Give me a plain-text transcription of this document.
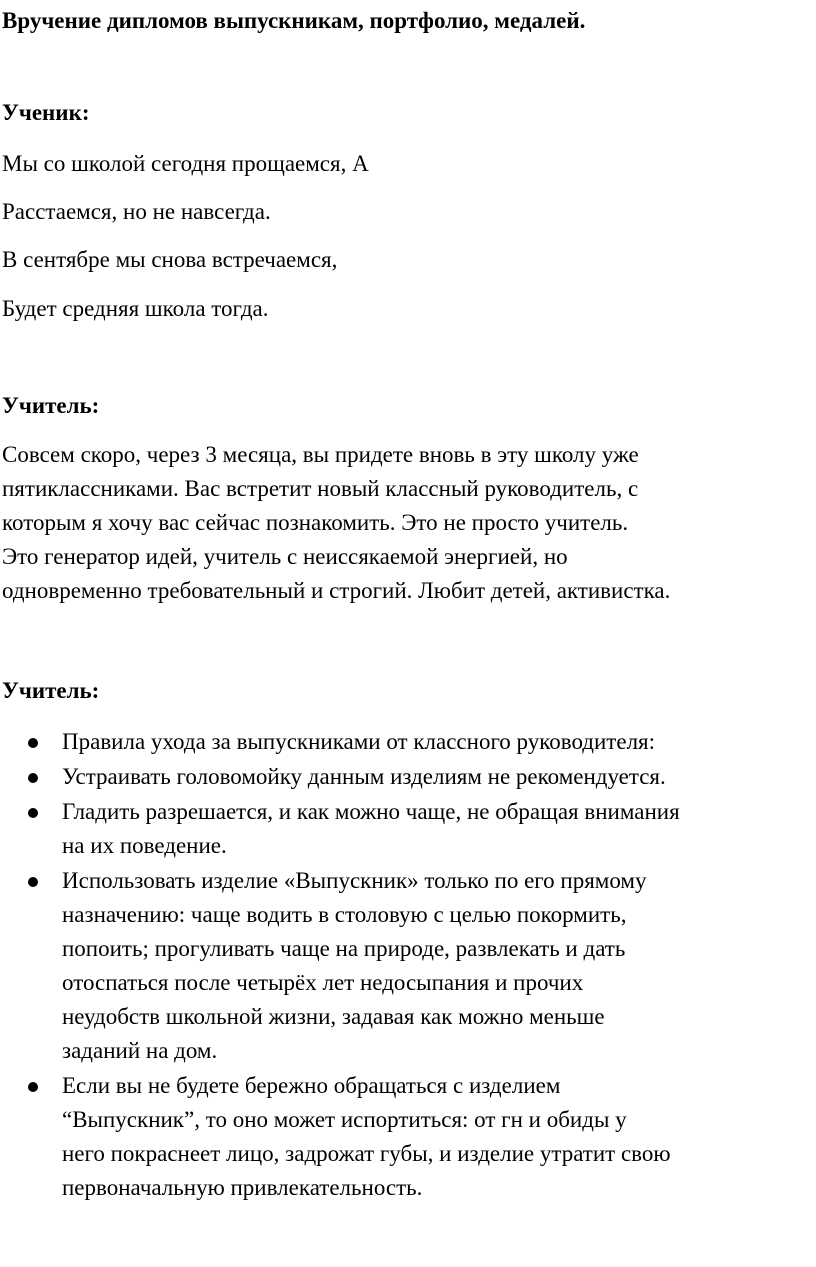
Вручение дипломов выпускникам, портфолио, медалей.
Ученик:
Мы со школой сегодня прощаемся, А
Расстаемся, но не навсегда.
В сентябре мы снова встречаемся,
Будет средняя школа тогда.
Учитель:
Совсем скоро, через 3 месяца, вы придете вновь в эту школу уже
пятиклассниками. Вас встретит новый классный руководитель, с
которым я хочу вас сейчас познакомить. Это не просто учитель.
Это генератор идей, учитель с неиссякаемой энергией, но
одновременно требовательный и строгий. Любит детей, активистка.
Учитель:
Правила ухода за выпускниками от классного руководителя:
Устраивать головомойку данным изделиям не рекомендуется.
Гладить разрешается, и как можно чаще, не обращая внимания
на их поведение.
Использовать изделие «Выпускник» только по его прямому
назначению: чаще водить в столовую с целью покормить,
попоить; прогуливать чаще на природе, развлекать и дать
отоспаться после четырёх лет недосыпания и прочих
неудобств школьной жизни, задавая как можно меньше
заданий на дом.
Если вы не будете бережно обращаться с изделием
“Выпускник”, то оно может испортиться: от гн и обиды у
него покраснеет лицо, задрожат губы, и изделие утратит свою
первоначальную привлекательность.
